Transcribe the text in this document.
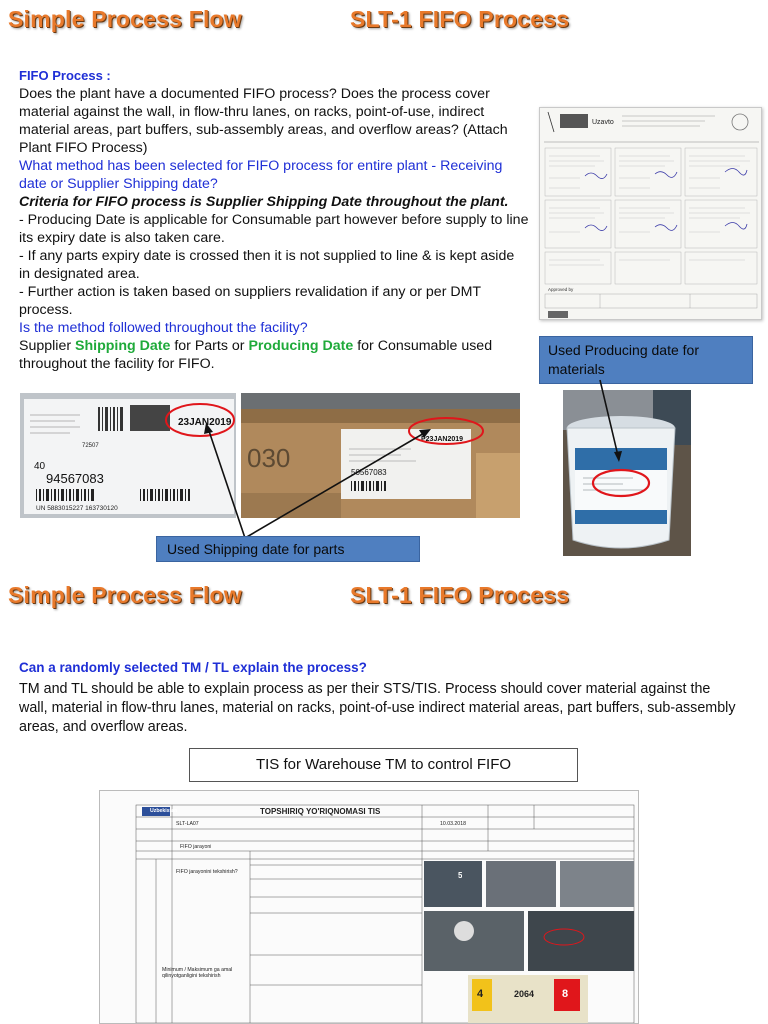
Simple Process Flow	SLT-1 FIFO Process

FIFO Process :

Does the plant have a documented FIFO process? Does the process cover material against the wall, in flow-thru lanes, on racks, point-of-use, indirect material areas, part buffers, sub-assembly areas, and overflow areas? (Attach Plant FIFO Process)

What method has been selected for FIFO process for entire plant - Receiving date or Supplier Shipping date?

Criteria for FIFO process is Supplier Shipping Date throughout the plant.

- Producing Date is applicable for Consumable part however before supply to line its expiry date is also taken care.

- If any parts expiry date is crossed then it is not supplied to line & is kept aside in designated area.

- Further action is taken based on suppliers revalidation if any or per DMT process.

Is the method followed throughout the facility?

Supplier Shipping Date for Parts or Producing Date for Consumable used throughout the facility for FIFO.

Uzavto
Approved by
Used Producing date for materials
23JAN2019
72507
40
94567083
UN 5883015227 163730120
030
P23JAN2019
50567083
Used Shipping date for parts
Simple Process Flow	SLT-1 FIFO Process
Can a randomly selected TM / TL explain the process?
TM and TL should be able to explain process as per their STS/TIS. Process should cover material against the wall, material in flow-thru lanes, material on racks, point-of-use indirect material areas, part buffers, sub-assembly areas, and overflow areas.
TIS for Warehouse TM to control FIFO
Uzbekistan	TOPSHIRIQ YO'RIQNOMASI TIS
SLT-LA07
FIFO jarayoni
10.03.2018
FIFO jarayonini tekshirish?
Minimum / Maksimum ga amal qilinyotganligini tekshirish
4	2064	8
5
